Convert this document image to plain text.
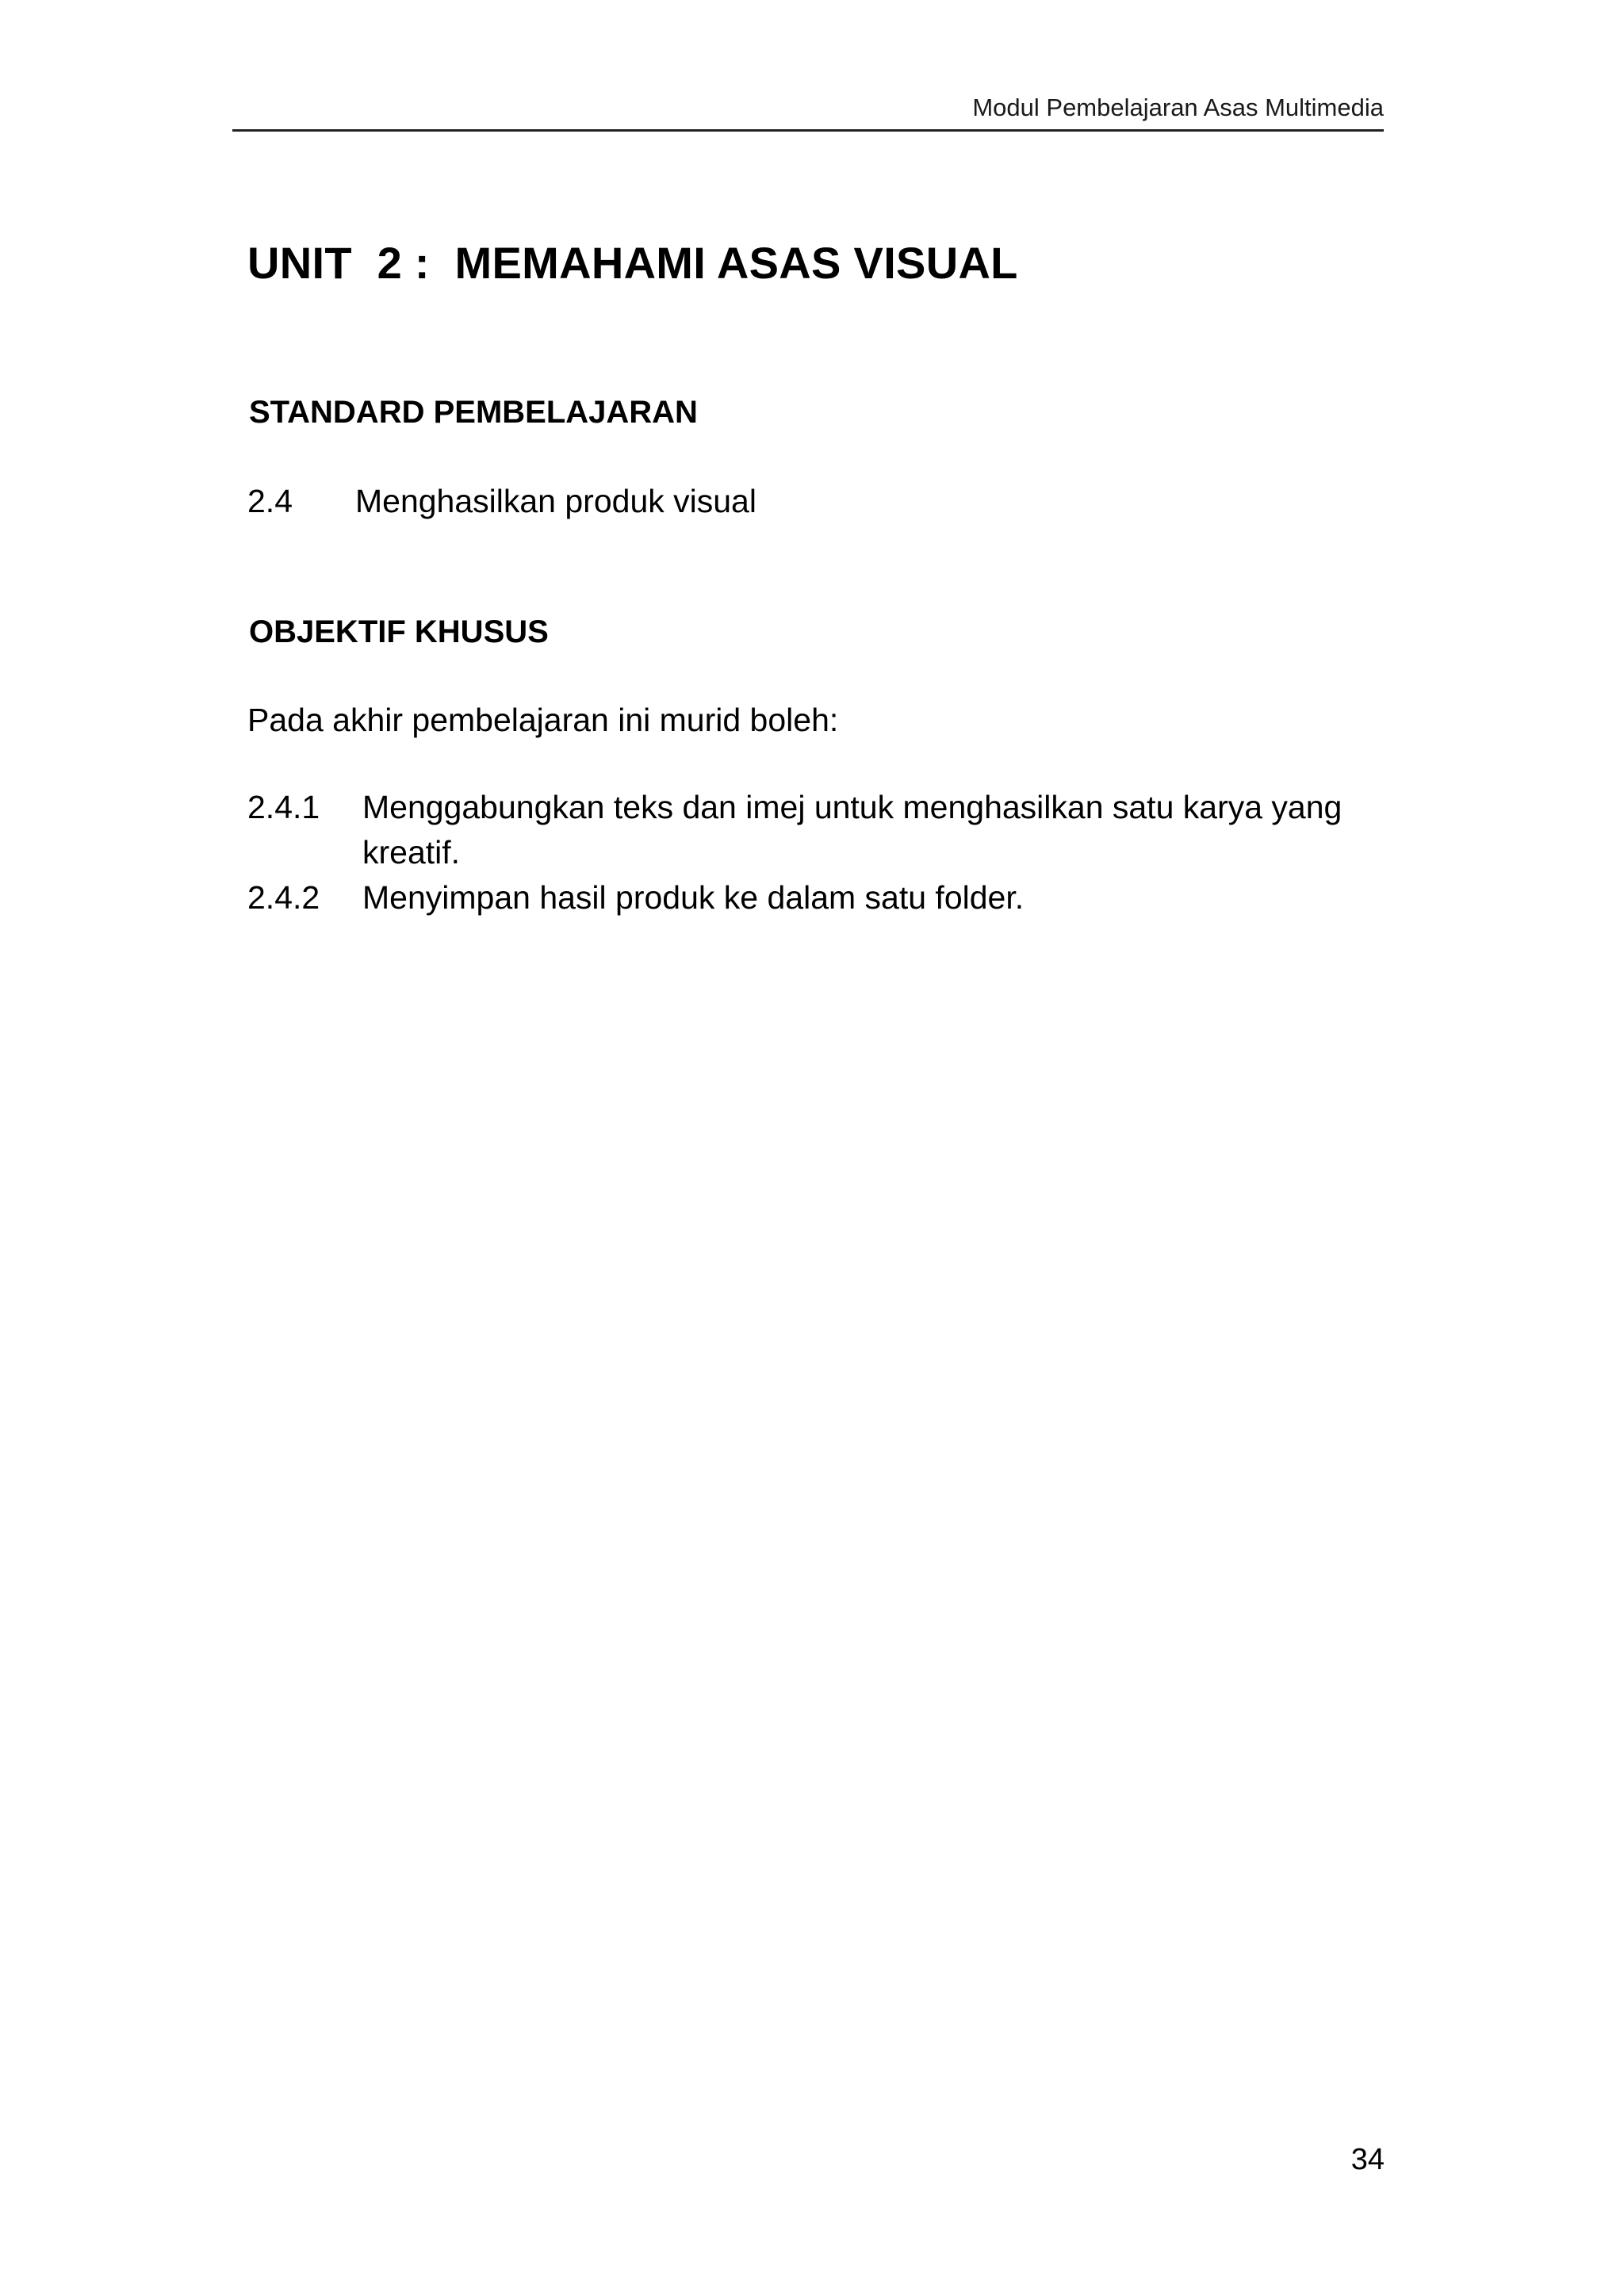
Modul Pembelajaran Asas Multimedia
UNIT  2 :  MEMAHAMI ASAS VISUAL
STANDARD PEMBELAJARAN
2.4 Menghasilkan produk visual
OBJEKTIF KHUSUS
Pada akhir pembelajaran ini murid boleh:
2.4.1	Menggabungkan teks dan imej untuk menghasilkan satu karya yang kreatif.
2.4.2	Menyimpan hasil produk ke dalam satu folder.
34
